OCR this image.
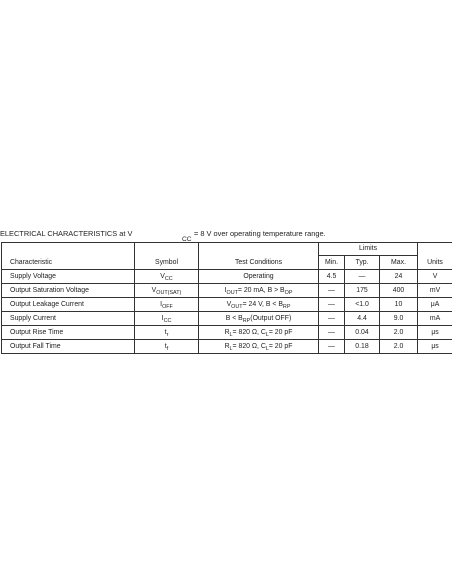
ELECTRICAL CHARACTERISTICS at V
CC
= 8 V over operating temperature range.
Characteristic	Symbol	Test Conditions	Limits			Units
			Min.	Typ.	Max.	
Supply Voltage	$V_{CC}$	Operating	4.5	—	24	V
Output Saturation Voltage	$V_{OUT(SAT)}$	$I_{OUT}= 20$ mA, $B > B_{OP}$	—	175	400	mV
Output Leakage Current	$I_{OFF}$	$V_{OUT}= 24$ V, $B < B_{RP}$	—	<1.0	10	μA
Supply Current	$I_{CC}$	$B < B_{RP}(Output$ OFF)	—	4.4	9.0	mA
Output Rise Time	$t_r$	$R_L= 820$ Ω, $C_L= 20$ pF	—	0.04	2.0	μs
Output Fall Time	$t_f$	$R_L= 820$ Ω, $C_L= 20$ pF	—	0.18	2.0	μs
